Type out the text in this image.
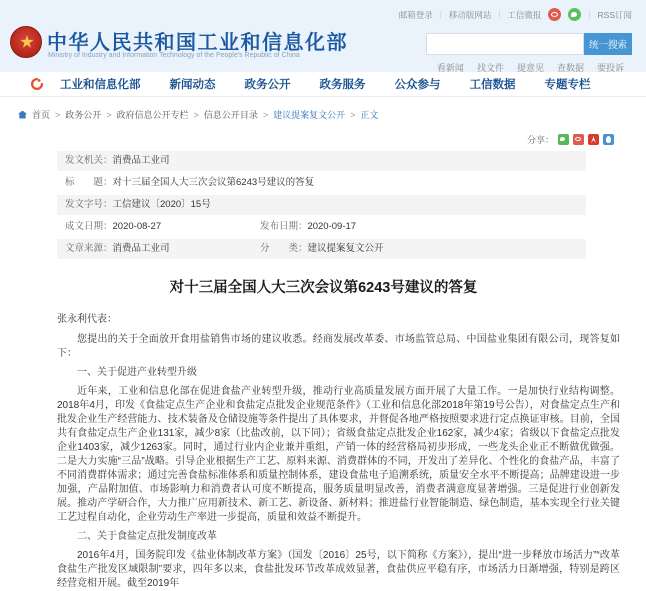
中华人民共和国工业和信息化部
Ministry of Industry and Information Technology of the People's Republic of China
邮箱登录 | 移动版网站 | 工信微报	| RSS订阅
统一搜索
看新闻 找文件 提意见 查数据 要投诉
工业和信息化部	新闻动态	政务公开	政务服务	公众参与	工信数据	专题专栏
首页 > 政务公开 > 政府信息公开专栏 > 信息公开目录 > 建议提案复文公开 > 正文
分享：
发文机关： 消费品工业司
标　　题： 对十三届全国人大三次会议第6243号建议的答复
发文字号： 工信建议〔2020〕15号
成文日期： 2020-08-27	发布日期： 2020-09-17
文章来源： 消费品工业司	分　　类： 建议提案复文公开
对十三届全国人大三次会议第6243号建议的答复

张永利代表：

您提出的关于全面放开食用盐销售市场的建议收悉。经商发展改革委、市场监管总局、中国盐业集团有限公司，现答复如下：

一、关于促进产业转型升级

近年来，工业和信息化部在促进食盐产业转型升级，推动行业高质量发展方面开展了大量工作。一是加快行业结构调整。2018年4月，印发《食盐定点生产企业和食盐定点批发企业规范条件》（工业和信息化部2018年第19号公告），对食盐定点生产和批发企业生产经营能力、技术装备及仓储设施等条件提出了具体要求，并督促各地严格按照要求进行定点换证审核。目前，全国共有食盐定点生产企业131家，减少8家（比盐改前，以下同）；省级食盐定点批发企业162家，减少4家；省级以下食盐定点批发企业1403家，减少1263家。同时，通过行业内企业兼并重组，产销一体的经营格局初步形成，一些龙头企业正不断做优做强。二是大力实施“三品”战略。引导企业根据生产工艺、原料来源、消费群体的不同，开发出了差异化、个性化的食盐产品，丰富了不同消费群体需求；通过完善食盐标准体系和质量控制体系，建设食盐电子追溯系统，质量安全水平不断提高；品牌建设进一步加强，产品附加值、市场影响力和消费者认可度不断提高，服务质量明显改善，消费者满意度显著增强。三是促进行业创新发展。推动产学研合作，大力推广应用新技术、新工艺、新设备、新材料；推进盐行业智能制造、绿色制造，基本实现全行业关键工艺过程自动化，企业劳动生产率进一步提高，质量和效益不断提升。

二、关于食盐定点批发制度改革

2016年4月，国务院印发《盐业体制改革方案》（国发〔2016〕25号，以下简称《方案》），提出“进一步释放市场活力”“改革食盐生产批发区域限制”要求，四年多以来，食盐批发环节改革成效显著，食盐供应平稳有序，市场活力日渐增强，特别是跨区经营竞相开展。截至2019年
